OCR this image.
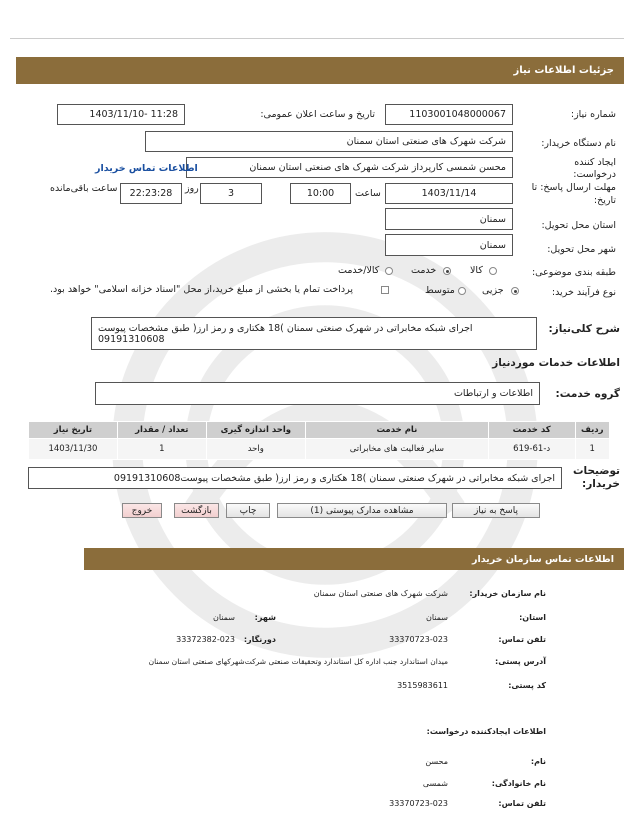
جزئیات اطلاعات نیاز
شماره نیاز:
1103001048000067
تاریخ و ساعت اعلان عمومی:
1403/11/10- 11:28
نام دستگاه خریدار:
شرکت شهرک های صنعتی استان سمنان
ایجاد کننده
درخواست:
محسن شمسی کارپرداز شرکت شهرک های صنعتی استان سمنان
اطلاعات تماس خریدار
مهلت ارسال پاسخ: تا
تاریخ:
1403/11/14
ساعت
10:00
3
روز
22:23:28
ساعت باقی‌مانده
استان محل تحویل:
سمنان
شهر محل تحویل:
سمنان
طبقه بندی موضوعی:
کالا
خدمت
کالا/خدمت
نوع فرآیند خرید:
جزیی
متوسط
پرداخت تمام یا بخشی از مبلغ خرید،از محل "اسناد خزانه اسلامی" خواهد بود.
شرح کلی‌نیاز:
اجرای شبکه مخابراتی در شهرک صنعتی سمنان )18 هکتاری و رمز ارز( طبق مشخصات پیوست
09191310608
اطلاعات خدمات موردنیاز
گروه خدمت:
اطلاعات و ارتباطات
ردیف	کد خدمت	نام خدمت	واحد اندازه گیری	تعداد / مقدار	تاریخ نیاز
1	د-61-619	سایر فعالیت های مخابراتی	واحد	1	1403/11/30
توضیحات
خریدار:
اجرای شبکه مخابراتی در شهرک صنعتی سمنان )18 هکتاری و رمز ارز( طبق مشخصات پیوست09191310608
پاسخ به نیاز
مشاهده مدارک پیوستی (1)
چاپ
بازگشت
خروج
اطلاعات تماس سازمان خریدار
نام سازمان خریدار:
شرکت شهرک های صنعتی استان سمنان
استان:
سمنان
شهر:
سمنان
تلفن تماس:
33370723-023
دورنگار:
33372382-023
آدرس پستی:
میدان استاندارد جنب اداره کل استاندارد وتحقیقات صنعتی شرکت‌شهرکهای صنعتی استان سمنان
کد پستی:
3515983611
اطلاعات ایجادکننده درخواست:
نام:
محسن
نام خانوادگی:
شمسی
تلفن تماس:
33370723-023
